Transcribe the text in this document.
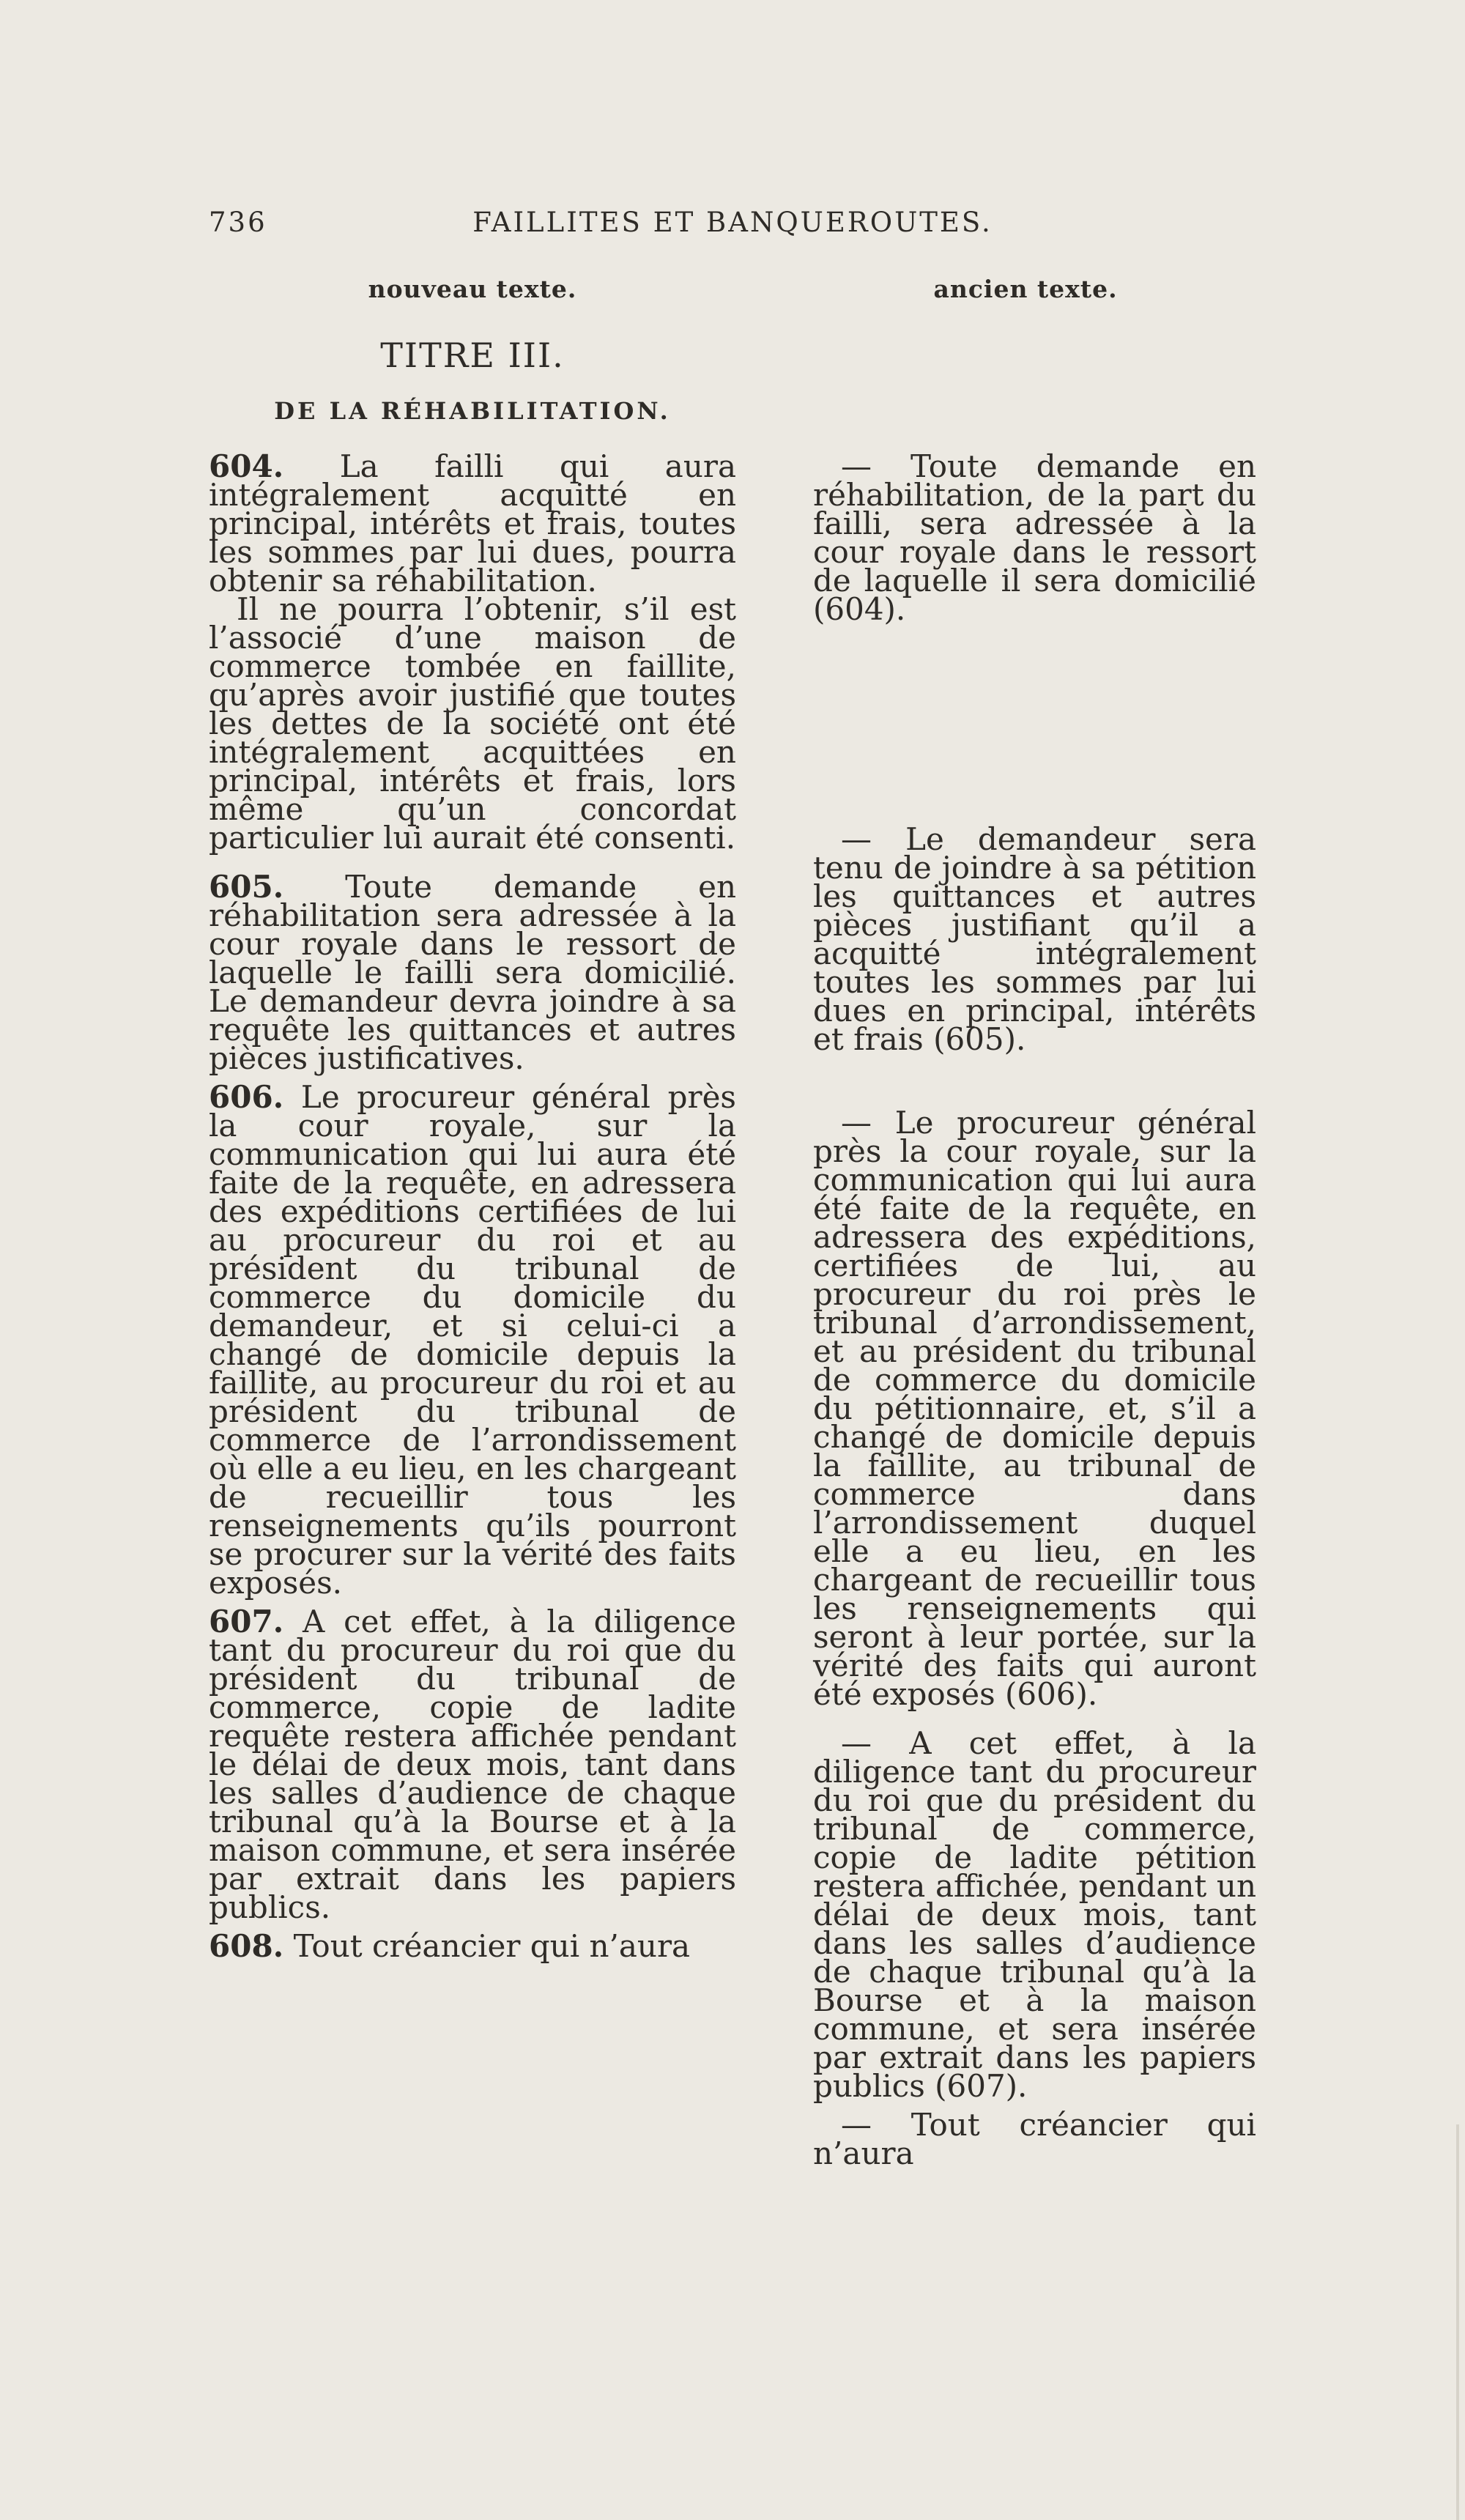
736	FAILLITES ET BANQUEROUTES.
nouveau texte.	ancien texte.
TITRE III.
DE LA RÉHABILITATION.

604. La failli qui aura intégralement acquitté en principal, intérêts et frais, toutes les sommes par lui dues, pourra obtenir sa réhabilitation.

Il ne pourra l’obtenir, s’il est l’associé d’une maison de commerce tombée en faillite, qu’après avoir justifié que toutes les dettes de la société ont été intégralement acquittées en principal, intérêts et frais, lors même qu’un concordat particulier lui aurait été consenti.

605. Toute demande en réhabilitation sera adressée à la cour royale dans le ressort de laquelle le failli sera domicilié. Le demandeur devra joindre à sa requête les quittances et autres pièces justificatives.

606. Le procureur général près la cour royale, sur la communication qui lui aura été faite de la requête, en adressera des expéditions certifiées de lui au procureur du roi et au président du tribunal de commerce du domicile du demandeur, et si celui-ci a changé de domicile depuis la faillite, au procureur du roi et au président du tribunal de commerce de l’arrondissement où elle a eu lieu, en les chargeant de recueillir tous les renseignements qu’ils pourront se procurer sur la vérité des faits exposés.

607. A cet effet, à la diligence tant du procureur du roi que du président du tribunal de commerce, copie de ladite requête restera affichée pendant le délai de deux mois, tant dans les salles d’audience de chaque tribunal qu’à la Bourse et à la maison commune, et sera insérée par extrait dans les papiers publics.

608. Tout créancier qui n’aura

— Toute demande en réhabilitation, de la part du failli, sera adressée à la cour royale dans le ressort de laquelle il sera domicilié (604).

— Le demandeur sera tenu de joindre à sa pétition les quittances et autres pièces justifiant qu’il a acquitté intégralement toutes les sommes par lui dues en principal, intérêts et frais (605).

— Le procureur général près la cour royale, sur la communication qui lui aura été faite de la requête, en adressera des expéditions, certifiées de lui, au procureur du roi près le tribunal d’arrondissement, et au président du tribunal de commerce du domicile du pétitionnaire, et, s’il a changé de domicile depuis la faillite, au tribunal de commerce dans l’arrondissement duquel elle a eu lieu, en les chargeant de recueillir tous les renseignements qui seront à leur portée, sur la vérité des faits qui auront été exposés (606).

— A cet effet, à la diligence tant du procureur du roi que du président du tribunal de commerce, copie de ladite pétition restera affichée, pendant un délai de deux mois, tant dans les salles d’audience de chaque tribunal qu’à la Bourse et à la maison commune, et sera insérée par extrait dans les papiers publics (607).

— Tout créancier qui n’aura
